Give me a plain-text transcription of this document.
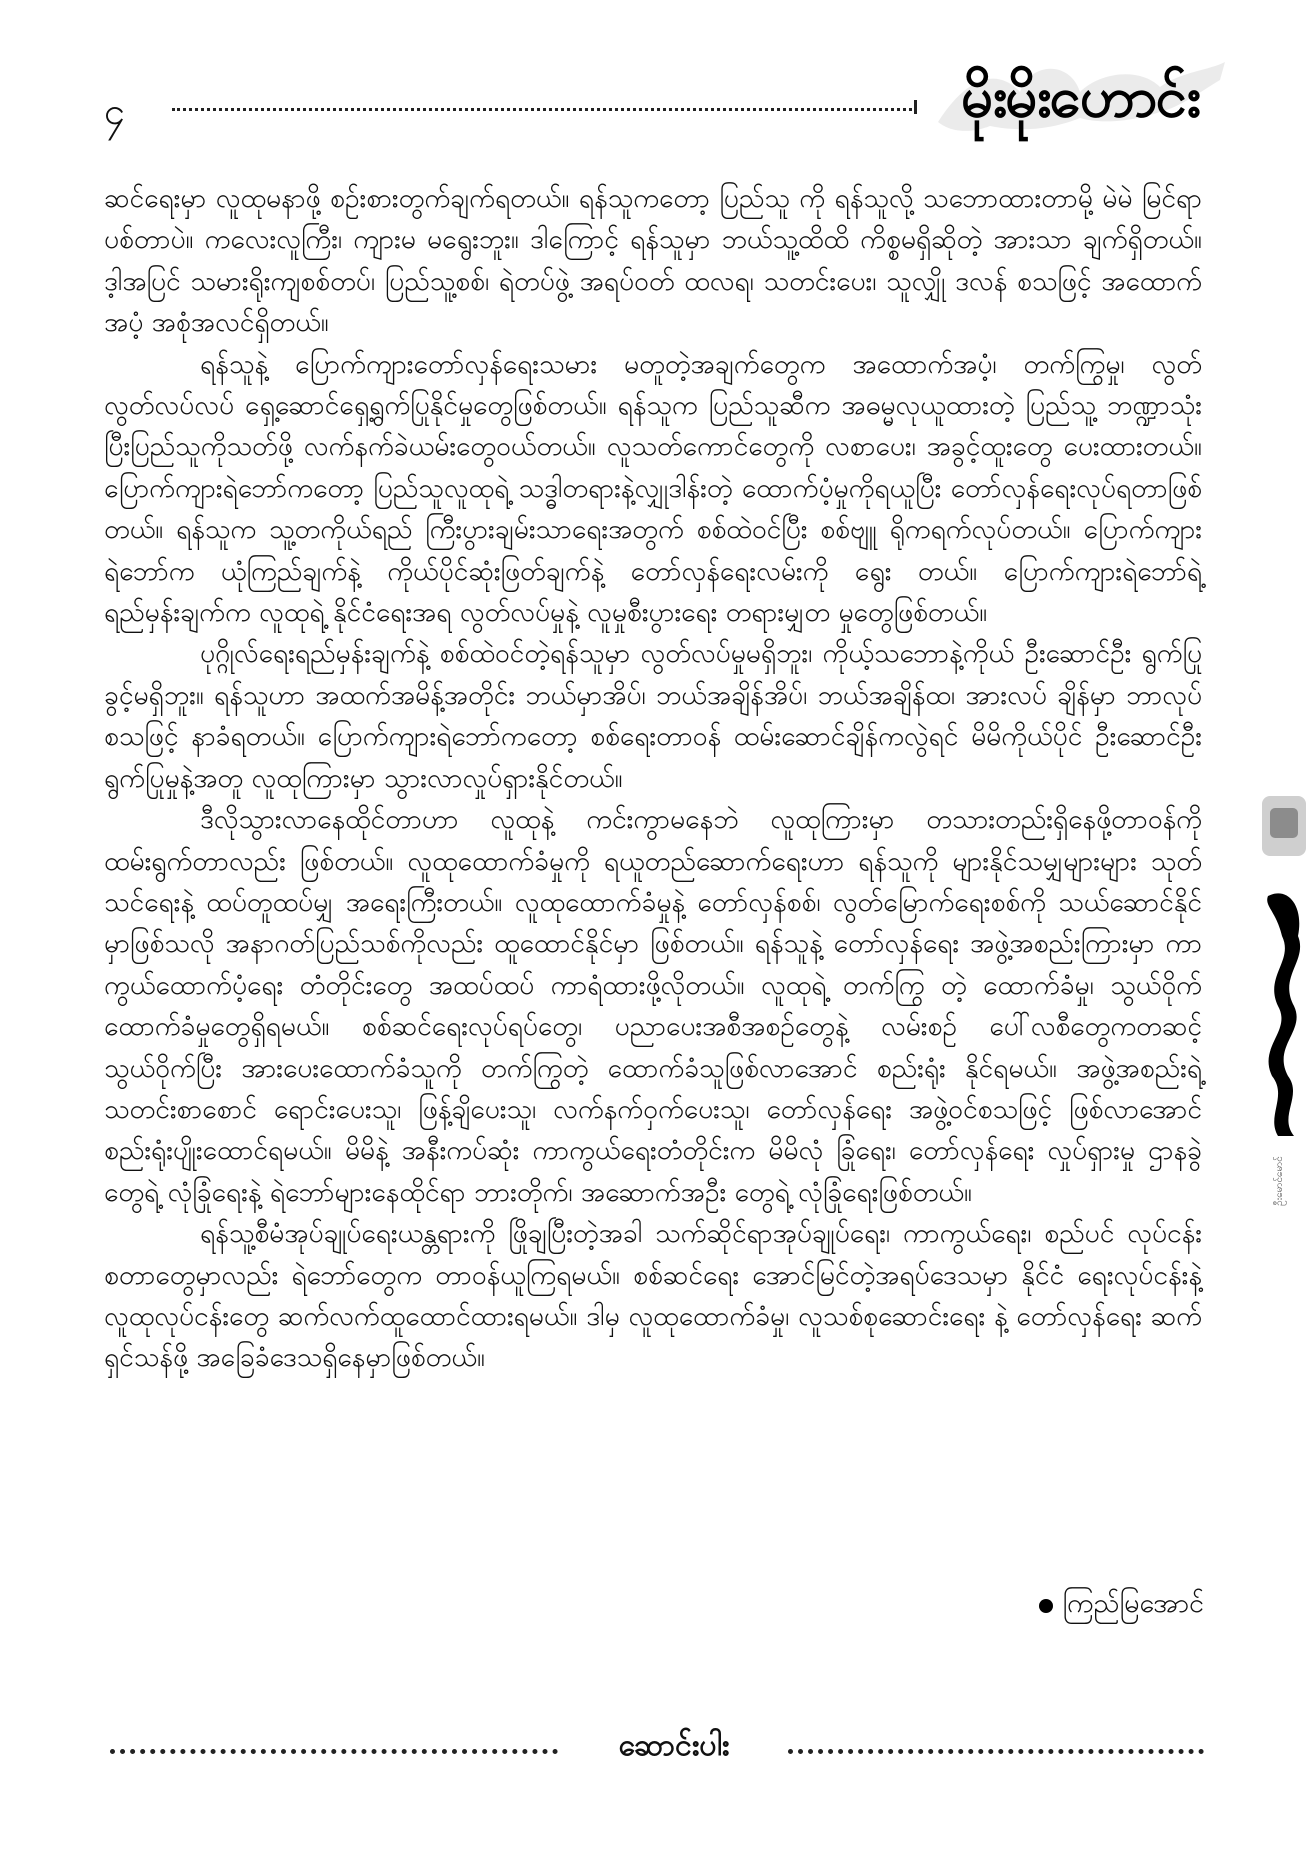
၄	မိုးမိုးဟောင်း

ဆင်ရေးမှာ လူထုမနာဖို့ စဉ်းစားတွက်ချက်ရတယ်။ ရန်သူကတော့ ပြည်သူ ကို ရန်သူလို့ သဘောထားတာမို့ မဲမဲ မြင်ရာပစ်တာပဲ။ ကလေးလူကြီး၊ ကျားမ မရွေးဘူး။ ဒါကြောင့် ရန်သူမှာ ဘယ်သူ့ထိထိ ကိစ္စမရှိဆိုတဲ့ အားသာ ချက်ရှိတယ်။ ဒ့ါအပြင် သမားရိုးကျစစ်တပ်၊ ပြည်သူ့စစ်၊ ရဲတပ်ဖွဲ့ အရပ်ဝတ် ထလရ၊ သတင်းပေး၊ သူလျှို ဒလန် စသဖြင့် အထောက်အပံ့ အစုံအလင်ရှိတယ်။

ရန်သူနဲ့ ပြောက်ကျားတော်လှန်ရေးသမား မတူတဲ့အချက်တွေက အထောက်အပံ့၊ တက်ကြွမှု၊ လွတ် လွတ်လပ်လပ် ရှေ့ဆောင်ရှေ့ရွက်ပြုနိုင်မှုတွေဖြစ်တယ်။ ရန်သူက ပြည်သူဆီက အဓမ္မလုယူထားတဲ့ ပြည်သူ့ ဘဏ္ဍာသုံးပြီးပြည်သူကိုသတ်ဖို့ လက်နက်ခဲယမ်းတွေဝယ်တယ်။ လူသတ်ကောင်တွေကို လစာပေး၊ အခွင့်ထူးတွေ ပေးထားတယ်။ ပြောက်ကျားရဲဘော်ကတော့ ပြည်သူလူထုရဲ့ သဒ္ဓါတရားနဲ့လျှုဒါန်းတဲ့ ထောက်ပံ့မှုကိုရယူပြီး တော်လှန်ရေးလုပ်ရတာဖြစ်တယ်။ ရန်သူက သူ့တကိုယ်ရည် ကြီးပွားချမ်းသာရေးအတွက် စစ်ထဲဝင်ပြီး စစ်ဗျူ ရိုကရက်လုပ်တယ်။ ပြောက်ကျားရဲဘော်က ယုံကြည်ချက်နဲ့ ကိုယ်ပိုင်ဆုံးဖြတ်ချက်နဲ့ တော်လှန်ရေးလမ်းကို ရွေး တယ်။ ပြောက်ကျားရဲဘော်ရဲ့ ရည်မှန်းချက်က လူထုရဲ့ နိုင်ငံရေးအရ လွတ်လပ်မှုနဲ့ လူမှုစီးပွားရေး တရားမျှတ မှုတွေဖြစ်တယ်။

ပုဂ္ဂိုလ်ရေးရည်မှန်းချက်နဲ့ စစ်ထဲဝင်တဲ့ရန်သူမှာ လွတ်လပ်မှုမရှိဘူး၊ ကိုယ့်သဘောနဲ့ကိုယ် ဦးဆောင်ဦး ရွက်ပြုခွင့်မရှိဘူး။ ရန်သူဟာ အထက်အမိန့်အတိုင်း ဘယ်မှာအိပ်၊ ဘယ်အချိန်အိပ်၊ ဘယ်အချိန်ထ၊ အားလပ် ချိန်မှာ ဘာလုပ် စသဖြင့် နာခံရတယ်။ ပြောက်ကျားရဲဘော်ကတော့ စစ်ရေးတာဝန် ထမ်းဆောင်ချိန်ကလွဲရင် မိမိကိုယ်ပိုင် ဦးဆောင်ဦးရွက်ပြုမှုနဲ့အတူ လူထုကြားမှာ သွားလာလှုပ်ရှားနိုင်တယ်။

ဒီလိုသွားလာနေထိုင်တာဟာ လူထုနဲ့ ကင်းကွာမနေဘဲ လူထုကြားမှာ တသားတည်းရှိနေဖို့တာဝန်ကို ထမ်းရွက်တာလည်း ဖြစ်တယ်။ လူထုထောက်ခံမှုကို ရယူတည်ဆောက်ရေးဟာ ရန်သူကို များနိုင်သမျှများများ သုတ် သင်ရေးနဲ့ ထပ်တူထပ်မျှ အရေးကြီးတယ်။ လူထုထောက်ခံမှုနဲ့ တော်လှန်စစ်၊ လွတ်မြောက်ရေးစစ်ကို သယ်ဆောင်နိုင်မှာဖြစ်သလို အနာဂတ်ပြည်သစ်ကိုလည်း ထူထောင်နိုင်မှာ ဖြစ်တယ်။ ရန်သူနဲ့ တော်လှန်ရေး အဖွဲ့အစည်းကြားမှာ ကာကွယ်ထောက်ပံ့ရေး တံတိုင်းတွေ အထပ်ထပ် ကာရံထားဖို့လိုတယ်။ လူထုရဲ့ တက်ကြွ တဲ့ ထောက်ခံမှု၊ သွယ်ဝိုက်ထောက်ခံမှုတွေရှိရမယ်။ စစ်ဆင်ရေးလုပ်ရပ်တွေ၊ ပညာပေးအစီအစဉ်တွေနဲ့ လမ်းစဉ် ပေါ်လစီတွေကတဆင့် သွယ်ဝိုက်ပြီး အားပေးထောက်ခံသူကို တက်ကြွတဲ့ ထောက်ခံသူဖြစ်လာအောင် စည်းရုံး နိုင်ရမယ်။ အဖွဲ့အစည်းရဲ့ သတင်းစာစောင် ရောင်းပေးသူ၊ ဖြန့်ချိပေးသူ၊ လက်နက်ဝှက်ပေးသူ၊ တော်လှန်ရေး အဖွဲ့ဝင်စသဖြင့် ဖြစ်လာအောင် စည်းရုံးပျိုးထောင်ရမယ်။ မိမိနဲ့ အနီးကပ်ဆုံး ကာကွယ်ရေးတံတိုင်းက မိမိလုံ ခြုံရေး၊ တော်လှန်ရေး လှုပ်ရှားမှု ဌာနခွဲတွေရဲ့ လုံခြုံရေးနဲ့ ရဲဘော်များနေထိုင်ရာ ဘားတိုက်၊ အဆောက်အဦး တွေရဲ့ လုံခြုံရေးဖြစ်တယ်။

ရန်သူ့စီမံအုပ်ချုပ်ရေးယန္တရားကို ဖြိုချပြီးတဲ့အခါ သက်ဆိုင်ရာအုပ်ချုပ်ရေး၊ ကာကွယ်ရေး၊ စည်ပင် လုပ်ငန်း စတာတွေမှာလည်း ရဲဘော်တွေက တာဝန်ယူကြရမယ်။ စစ်ဆင်ရေး အောင်မြင်တဲ့အရပ်ဒေသမှာ နိုင်ငံ ရေးလုပ်ငန်းနဲ့ လူထုလုပ်ငန်းတွေ ဆက်လက်ထူထောင်ထားရမယ်။ ဒါမှ လူထုထောက်ခံမှု၊ လူသစ်စုဆောင်းရေး နဲ့ တော်လှန်ရေး ဆက်ရှင်သန်ဖို့ အခြေခံဒေသရှိနေမှာဖြစ်တယ်။

ကြည်မြအောင်
ဦးမောင်မောင်
ဆောင်းပါး
